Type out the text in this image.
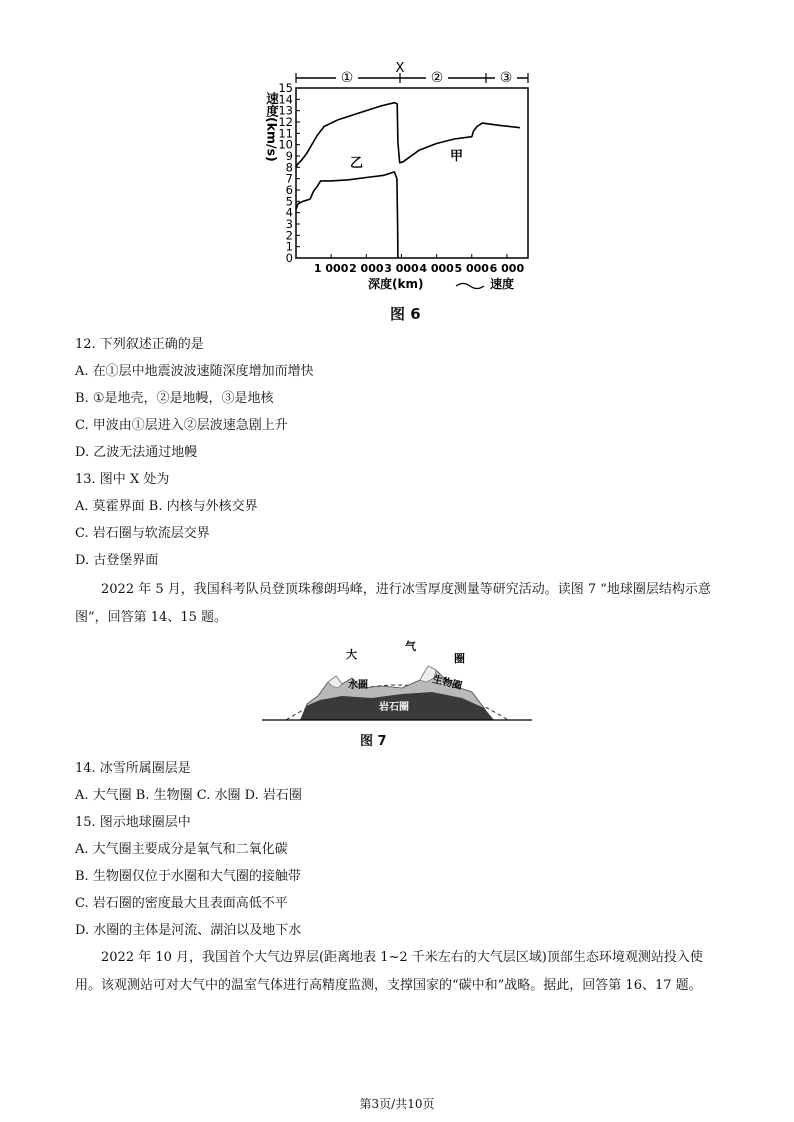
①
X
②	③
0
1
2
3
4
5
6
7
8
9
10
11
12
13
14
15
1 000 2 000 3 000 4 000 5 000 6 000
速度(km/s)
乙	甲
深度(km)	速度
图 6
12. 下列叙述正确的是
A. 在①层中地震波波速随深度增加而增快
B. ①是地壳，②是地幔，③是地核
C. 甲波由①层进入②层波速急剧上升
D. 乙波无法通过地幔
13. 图中 X 处为
A. 莫霍界面 B. 内核与外核交界
C. 岩石圈与软流层交界
D. 古登堡界面
2022 年 5 月，我国科考队员登顶珠穆朗玛峰，进行冰雪厚度测量等研究活动。读图 7 “地球圈层结构示意图”，回答第 14、15 题。
大
气
圈
水圈	生物圈
岩石圈
图 7
14. 冰雪所属圈层是
A. 大气圈 B. 生物圈 C. 水圈 D. 岩石圈
15. 图示地球圈层中
A. 大气圈主要成分是氧气和二氧化碳
B. 生物圈仅位于水圈和大气圈的接触带
C. 岩石圈的密度最大且表面高低不平
D. 水圈的主体是河流、湖泊以及地下水
2022 年 10 月，我国首个大气边界层(距离地表 1~2 千米左右的大气层区域)顶部生态环境观测站投入使用。该观测站可对大气中的温室气体进行高精度监测，支撑国家的“碳中和”战略。据此，回答第 16、17 题。
第3页/共10页
